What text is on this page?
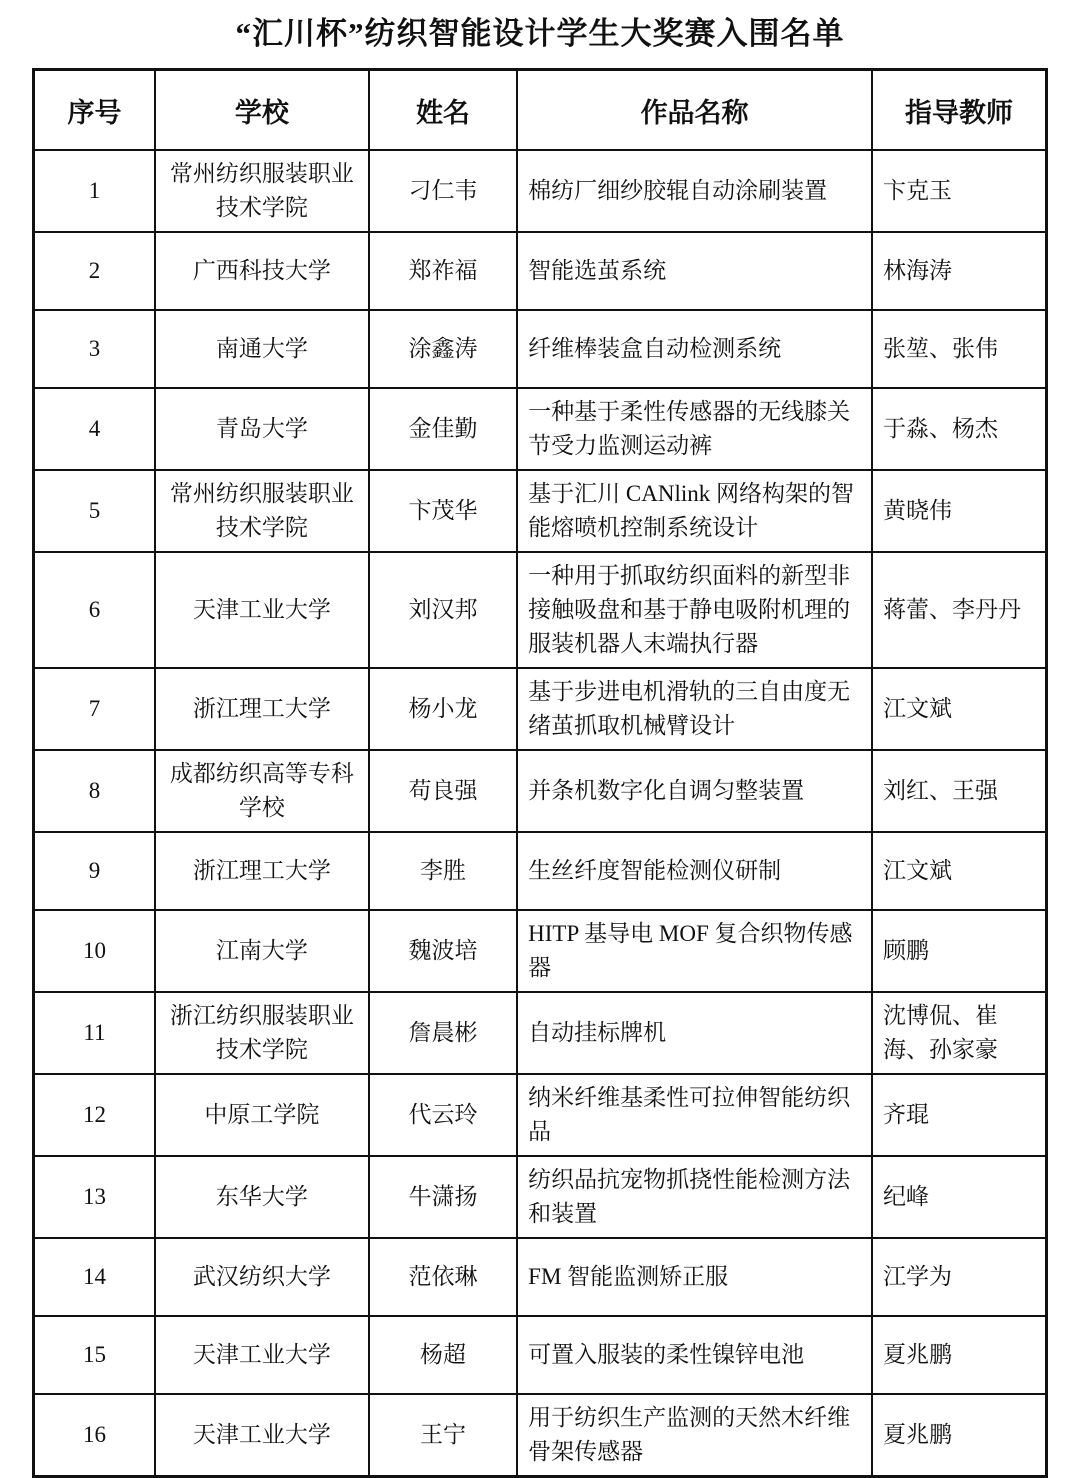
“汇川杯”纺织智能设计学生大奖赛入围名单
序号	学校	姓名	作品名称	指导教师
1	常州纺织服装职业技术学院	刁仁韦	棉纺厂细纱胶辊自动涂刷装置	卞克玉
2	广西科技大学	郑祚福	智能选茧系统	林海涛
3	南通大学	涂鑫涛	纤维棒装盒自动检测系统	张堃、张伟
4	青岛大学	金佳勤	一种基于柔性传感器的无线膝关节受力监测运动裤	于淼、杨杰
5	常州纺织服装职业技术学院	卞茂华	基于汇川 CANlink 网络构架的智能熔喷机控制系统设计	黄晓伟
6	天津工业大学	刘汉邦	一种用于抓取纺织面料的新型非接触吸盘和基于静电吸附机理的服装机器人末端执行器	蒋蕾、李丹丹
7	浙江理工大学	杨小龙	基于步进电机滑轨的三自由度无绪茧抓取机械臂设计	江文斌
8	成都纺织高等专科学校	苟良强	并条机数字化自调匀整装置	刘红、王强
9	浙江理工大学	李胜	生丝纤度智能检测仪研制	江文斌
10	江南大学	魏波培	HITP 基导电 MOF 复合织物传感器	顾鹏
11	浙江纺织服装职业技术学院	詹晨彬	自动挂标牌机	沈博侃、崔海、孙家豪
12	中原工学院	代云玲	纳米纤维基柔性可拉伸智能纺织品	齐琨
13	东华大学	牛潇扬	纺织品抗宠物抓挠性能检测方法和装置	纪峰
14	武汉纺织大学	范依琳	FM 智能监测矫正服	江学为
15	天津工业大学	杨超	可置入服装的柔性镍锌电池	夏兆鹏
16	天津工业大学	王宁	用于纺织生产监测的天然木纤维骨架传感器	夏兆鹏
